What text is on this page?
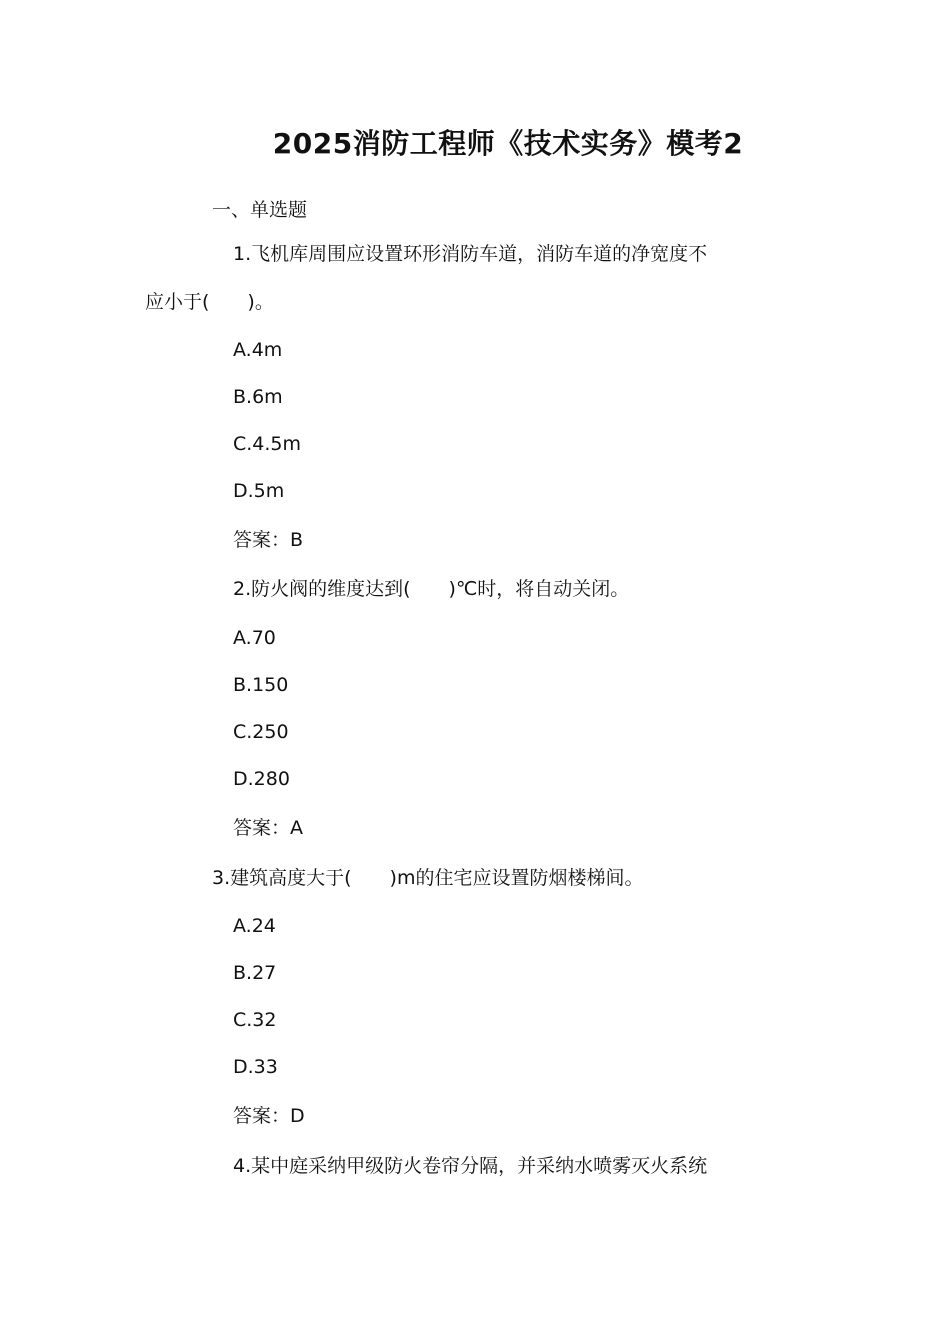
2025消防工程师《技术实务》模考2
一、单选题
1.飞机库周围应设置环形消防车道，消防车道的净宽度不
应小于(　　)。
A.4m
B.6m
C.4.5m
D.5m
答案：B
2.防火阀的维度达到(　　)℃时，将自动关闭。
A.70
B.150
C.250
D.280
答案：A
3.建筑高度大于(　　)m的住宅应设置防烟楼梯间。
A.24
B.27
C.32
D.33
答案：D
4.某中庭采纳甲级防火卷帘分隔，并采纳水喷雾灭火系统
